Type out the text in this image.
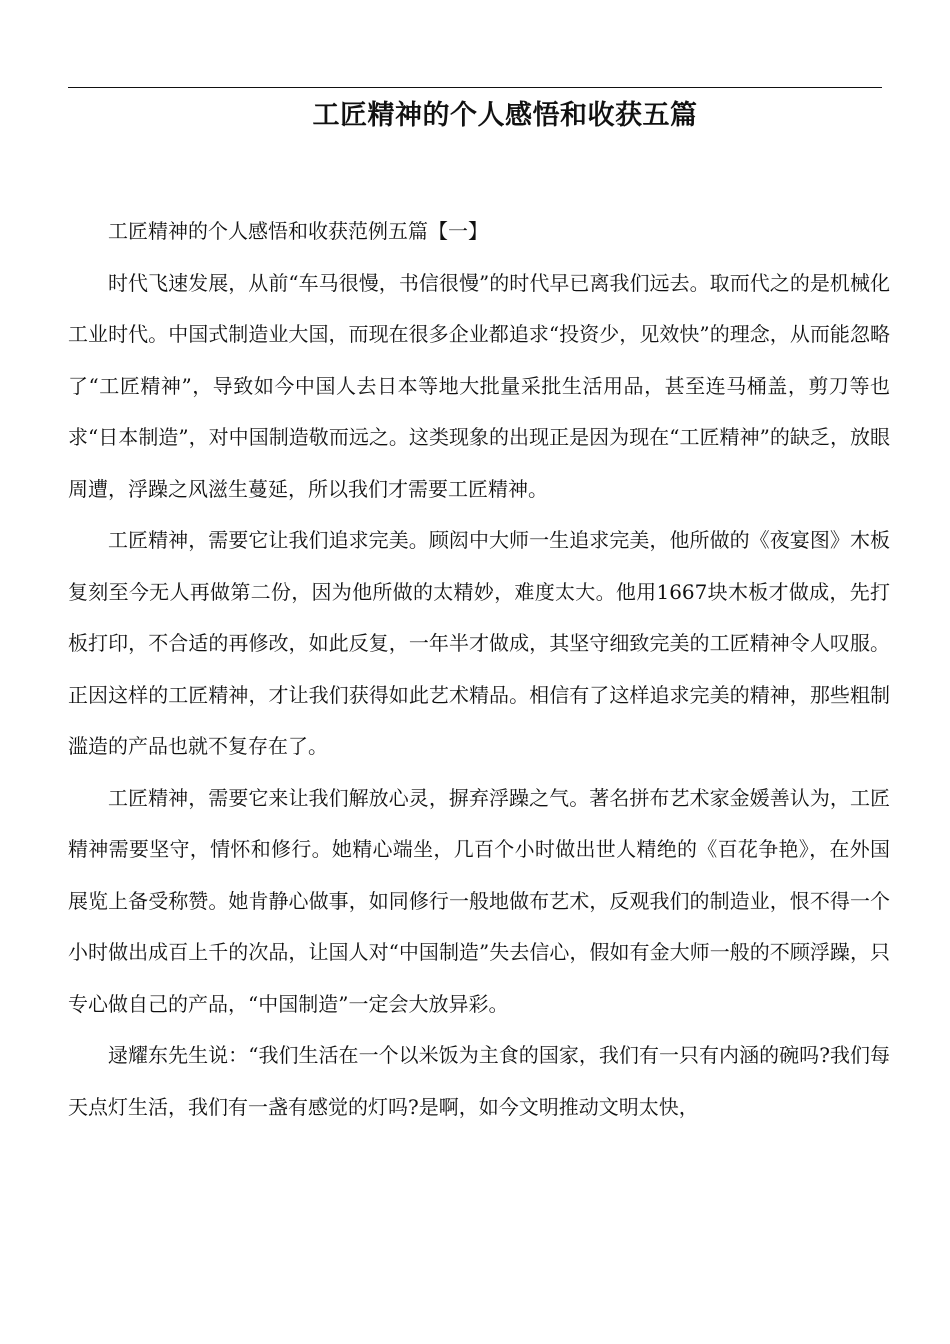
工匠精神的个人感悟和收获五篇

工匠精神的个人感悟和收获范例五篇【一】

时代飞速发展，从前“车马很慢，书信很慢”的时代早已离我们远去。取而代之的是机械化工业时代。中国式制造业大国，而现在很多企业都追求“投资少，见效快”的理念，从而能忽略了“工匠精神”，导致如今中国人去日本等地大批量采批生活用品，甚至连马桶盖，剪刀等也求“日本制造”，对中国制造敬而远之。这类现象的出现正是因为现在“工匠精神”的缺乏，放眼周遭，浮躁之风滋生蔓延，所以我们才需要工匠精神。

工匠精神，需要它让我们追求完美。顾闳中大师一生追求完美，他所做的《夜宴图》木板复刻至今无人再做第二份，因为他所做的太精妙，难度太大。他用1667块木板才做成，先打板打印，不合适的再修改，如此反复，一年半才做成，其坚守细致完美的工匠精神令人叹服。正因这样的工匠精神，才让我们获得如此艺术精品。相信有了这样追求完美的精神，那些粗制滥造的产品也就不复存在了。

工匠精神，需要它来让我们解放心灵，摒弃浮躁之气。著名拼布艺术家金媛善认为，工匠精神需要坚守，情怀和修行。她精心端坐，几百个小时做出世人精绝的《百花争艳》，在外国展览上备受称赞。她肯静心做事，如同修行一般地做布艺术，反观我们的制造业，恨不得一个小时做出成百上千的次品，让国人对“中国制造”失去信心，假如有金大师一般的不顾浮躁，只专心做自己的产品，“中国制造”一定会大放异彩。

逯耀东先生说：“我们生活在一个以米饭为主食的国家，我们有一只有内涵的碗吗?我们每天点灯生活，我们有一盏有感觉的灯吗?是啊，如今文明推动文明太快，
